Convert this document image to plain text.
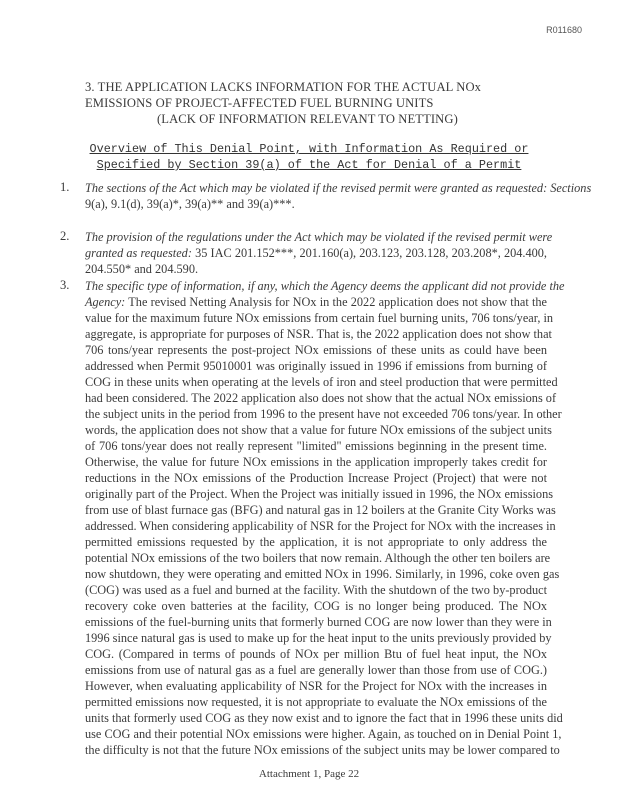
R011680
3. THE APPLICATION LACKS INFORMATION FOR THE ACTUAL NOx
EMISSIONS OF PROJECT-AFFECTED FUEL BURNING UNITS
(LACK OF INFORMATION RELEVANT TO NETTING)
Overview of This Denial Point, with Information As Required or
Specified by Section 39(a) of the Act for Denial of a Permit
1. The sections of the Act which may be violated if the revised permit were granted as requested: Sections
9(a), 9.1(d), 39(a)*, 39(a)** and 39(a)***.
2. The provision of the regulations under the Act which may be violated if the revised permit were
granted as requested: 35 IAC 201.152***, 201.160(a), 203.123, 203.128, 203.208*, 204.400,
204.550* and 204.590.
3. The specific type of information, if any, which the Agency deems the applicant did not provide the
Agency: The revised Netting Analysis for NOx in the 2022 application does not show that the
value for the maximum future NOx emissions from certain fuel burning units, 706 tons/year, in
aggregate, is appropriate for purposes of NSR. That is, the 2022 application does not show that
706 tons/year represents the post-project NOx emissions of these units as could have been
addressed when Permit 95010001 was originally issued in 1996 if emissions from burning of
COG in these units when operating at the levels of iron and steel production that were permitted
had been considered. The 2022 application also does not show that the actual NOx emissions of
the subject units in the period from 1996 to the present have not exceeded 706 tons/year. In other
words, the application does not show that a value for future NOx emissions of the subject units
of 706 tons/year does not really represent "limited" emissions beginning in the present time.
Otherwise, the value for future NOx emissions in the application improperly takes credit for
reductions in the NOx emissions of the Production Increase Project (Project) that were not
originally part of the Project. When the Project was initially issued in 1996, the NOx emissions
from use of blast furnace gas (BFG) and natural gas in 12 boilers at the Granite City Works was
addressed. When considering applicability of NSR for the Project for NOx with the increases in
permitted emissions requested by the application, it is not appropriate to only address the
potential NOx emissions of the two boilers that now remain. Although the other ten boilers are
now shutdown, they were operating and emitted NOx in 1996. Similarly, in 1996, coke oven gas
(COG) was used as a fuel and burned at the facility. With the shutdown of the two by-product
recovery coke oven batteries at the facility, COG is no longer being produced. The NOx
emissions of the fuel-burning units that formerly burned COG are now lower than they were in
1996 since natural gas is used to make up for the heat input to the units previously provided by
COG. (Compared in terms of pounds of NOx per million Btu of fuel heat input, the NOx
emissions from use of natural gas as a fuel are generally lower than those from use of COG.)
However, when evaluating applicability of NSR for the Project for NOx with the increases in
permitted emissions now requested, it is not appropriate to evaluate the NOx emissions of the
units that formerly used COG as they now exist and to ignore the fact that in 1996 these units did
use COG and their potential NOx emissions were higher. Again, as touched on in Denial Point 1,
the difficulty is not that the future NOx emissions of the subject units may be lower compared to
Attachment 1, Page 22
